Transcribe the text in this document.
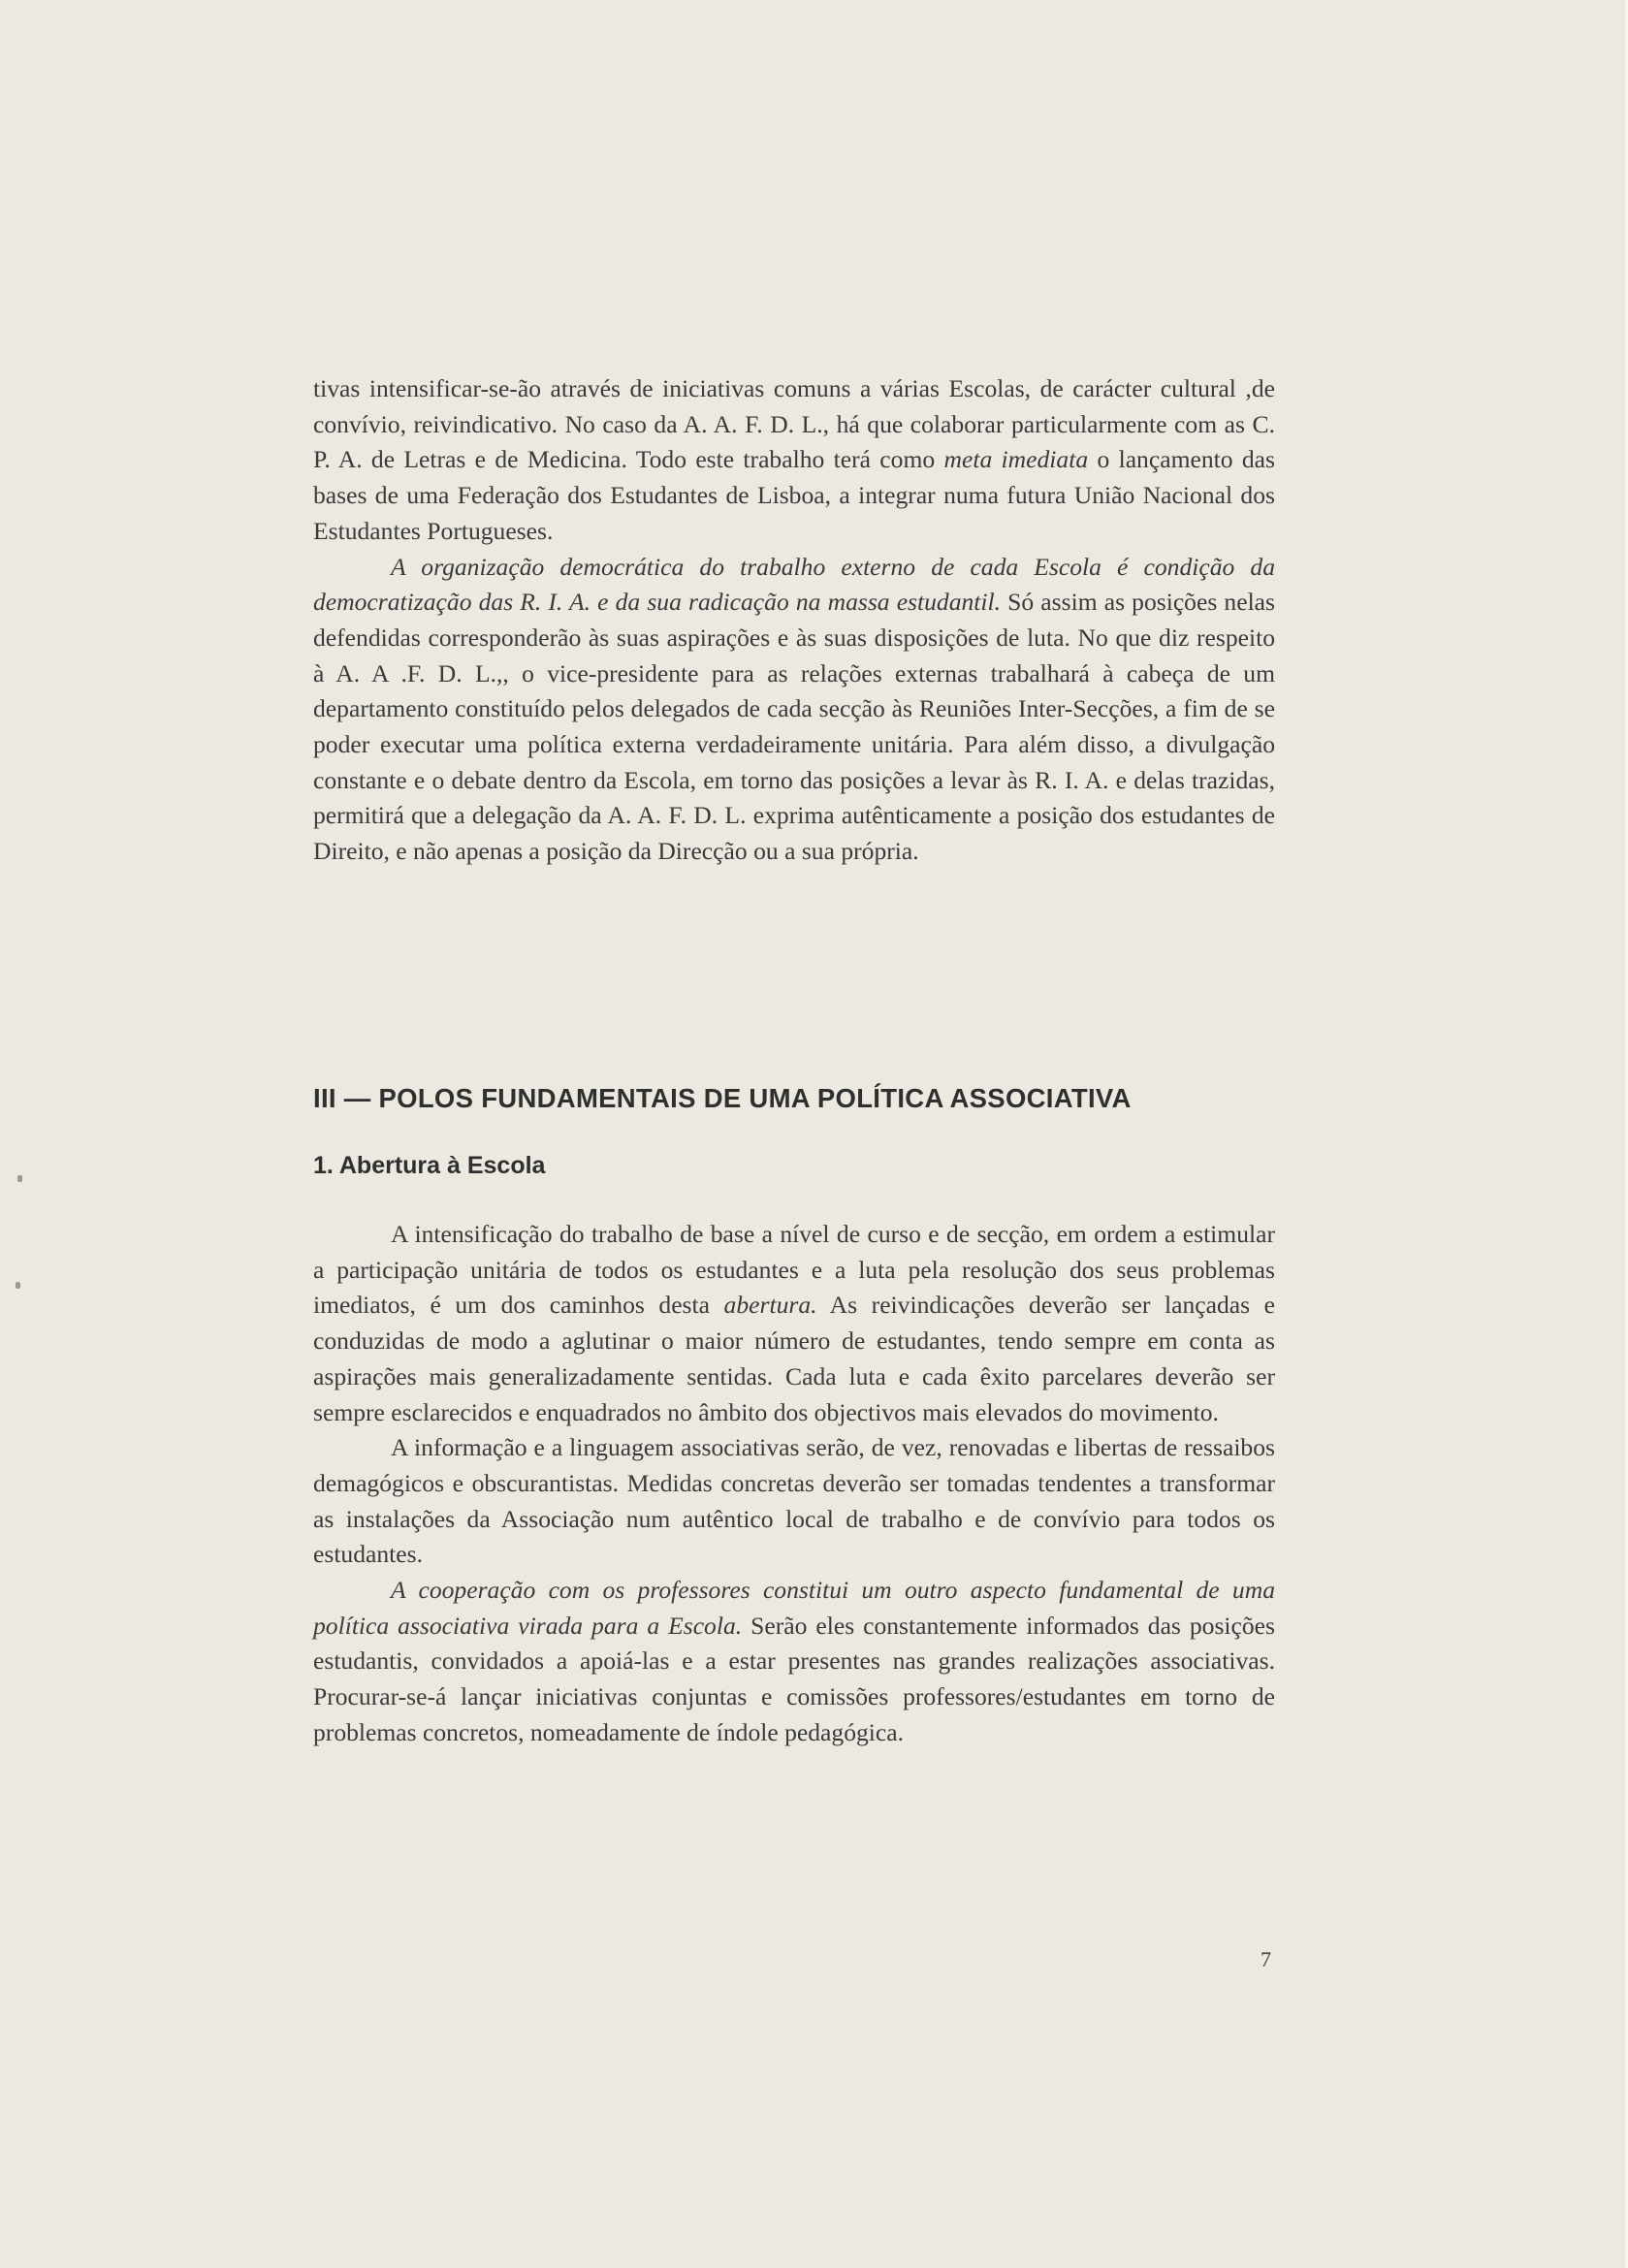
tivas intensificar-se-ão através de iniciativas comuns a várias Escolas, de carácter cultural ,de convívio, reivindicativo. No caso da A. A. F. D. L., há que colaborar particularmente com as C. P. A. de Letras e de Medicina. Todo este trabalho terá como meta imediata o lançamento das bases de uma Federação dos Estudantes de Lisboa, a integrar numa futura União Nacional dos Estudantes Portugueses.

A organização democrática do trabalho externo de cada Escola é condição da democratização das R. I. A. e da sua radicação na massa estudantil. Só assim as posições nelas defendidas corresponderão às suas aspirações e às suas disposições de luta. No que diz respeito à A. A .F. D. L.,, o vice-presidente para as relações externas trabalhará à cabeça de um departamento constituído pelos delegados de cada secção às Reuniões Inter-Secções, a fim de se poder executar uma política externa verdadeiramente unitária. Para além disso, a divulgação constante e o debate dentro da Escola, em torno das posições a levar às R. I. A. e delas trazidas, permitirá que a delegação da A. A. F. D. L. exprima autênticamente a posição dos estudantes de Direito, e não apenas a posição da Direcção ou a sua própria.

III — POLOS FUNDAMENTAIS DE UMA POLÍTICA ASSOCIATIVA
1. Abertura à Escola

A intensificação do trabalho de base a nível de curso e de secção, em ordem a estimular a participação unitária de todos os estudantes e a luta pela resolução dos seus problemas imediatos, é um dos caminhos desta abertura. As reivindicações deverão ser lançadas e conduzidas de modo a aglutinar o maior número de estudantes, tendo sempre em conta as aspirações mais generalizadamente sentidas. Cada luta e cada êxito parcelares deverão ser sempre esclarecidos e enquadrados no âmbito dos objectivos mais elevados do movimento.

A informação e a linguagem associativas serão, de vez, renovadas e libertas de ressaibos demagógicos e obscurantistas. Medidas concretas deverão ser tomadas tendentes a transformar as instalações da Associação num autêntico local de trabalho e de convívio para todos os estudantes.

A cooperação com os professores constitui um outro aspecto fundamental de uma política associativa virada para a Escola. Serão eles constantemente informados das posições estudantis, convidados a apoiá-las e a estar presentes nas grandes realizações associativas. Procurar-se-á lançar iniciativas conjuntas e comissões professores/estudantes em torno de problemas concretos, nomeadamente de índole pedagógica.

7
